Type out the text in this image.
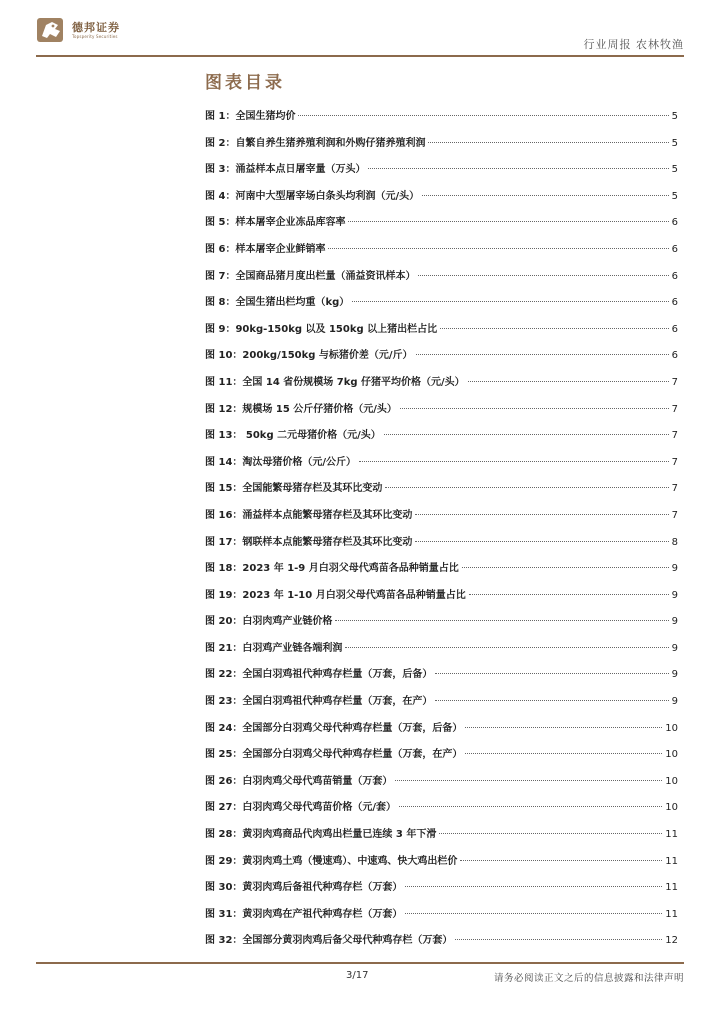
德邦证券
Topsperity Securities
行业周报 农林牧渔
图表目录
图 1：全国生猪均价	5
图 2：自繁自养生猪养殖利润和外购仔猪养殖利润	5
图 3：涌益样本点日屠宰量（万头）	5
图 4：河南中大型屠宰场白条头均利润（元/头）	5
图 5：样本屠宰企业冻品库容率	6
图 6：样本屠宰企业鲜销率	6
图 7：全国商品猪月度出栏量（涌益资讯样本）	6
图 8：全国生猪出栏均重（kg）	6
图 9：90kg-150kg 以及 150kg 以上猪出栏占比	6
图 10：200kg/150kg 与标猪价差（元/斤）	6
图 11：全国 14 省份规模场 7kg 仔猪平均价格（元/头）	7
图 12：规模场 15 公斤仔猪价格（元/头）	7
图 13： 50kg 二元母猪价格（元/头）	7
图 14：淘汰母猪价格（元/公斤）	7
图 15：全国能繁母猪存栏及其环比变动	7
图 16：涌益样本点能繁母猪存栏及其环比变动	7
图 17：钢联样本点能繁母猪存栏及其环比变动	8
图 18：2023 年 1-9 月白羽父母代鸡苗各品种销量占比	9
图 19：2023 年 1-10 月白羽父母代鸡苗各品种销量占比	9
图 20：白羽肉鸡产业链价格	9
图 21：白羽鸡产业链各端利润	9
图 22：全国白羽鸡祖代种鸡存栏量（万套，后备）	9
图 23：全国白羽鸡祖代种鸡存栏量（万套，在产）	9
图 24：全国部分白羽鸡父母代种鸡存栏量（万套，后备）	10
图 25：全国部分白羽鸡父母代种鸡存栏量（万套，在产）	10
图 26：白羽肉鸡父母代鸡苗销量（万套）	10
图 27：白羽肉鸡父母代鸡苗价格（元/套）	10
图 28：黄羽肉鸡商品代肉鸡出栏量已连续 3 年下滑	11
图 29：黄羽肉鸡土鸡（慢速鸡）、中速鸡、快大鸡出栏价	11
图 30：黄羽肉鸡后备祖代种鸡存栏（万套）	11
图 31：黄羽肉鸡在产祖代种鸡存栏（万套）	11
图 32：全国部分黄羽肉鸡后备父母代种鸡存栏（万套）	12
3/17	请务必阅读正文之后的信息披露和法律声明
